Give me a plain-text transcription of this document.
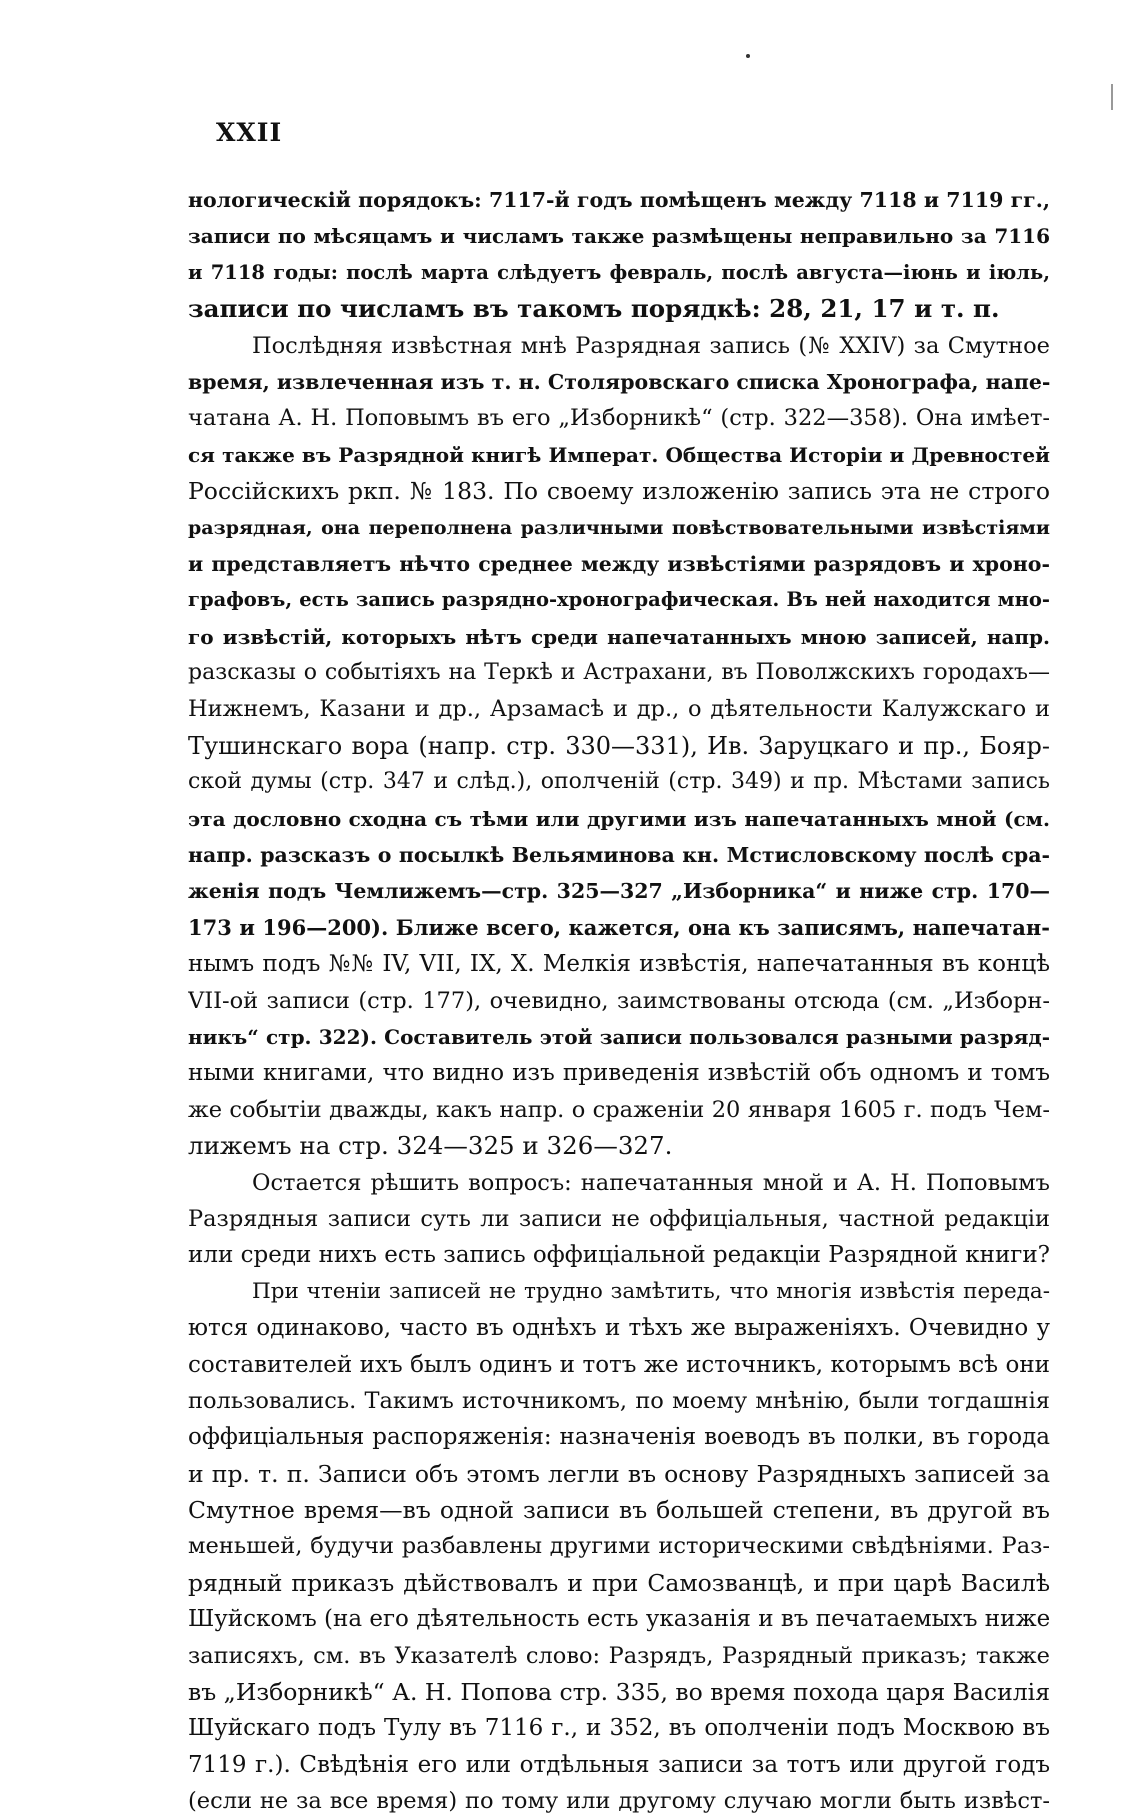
XXII
нологическій порядокъ: 7117-й годъ помѣщенъ между 7118 и 7119 гг.,
записи по мѣсяцамъ и числамъ также размѣщены неправильно за 7116
и 7118 годы: послѣ марта слѣдуетъ февраль, послѣ августа—іюнь и іюль,
записи по числамъ въ такомъ порядкѣ: 28, 21, 17 и т. п.
Послѣдняя извѣстная мнѣ Разрядная запись (№ XXIV) за Смутное
время, извлеченная изъ т. н. Столяровскаго списка Хронографа, напе-
чатана А. Н. Поповымъ въ его „Изборникѣ“ (стр. 322—358). Она имѣет-
ся также въ Разрядной книгѣ Императ. Общества Исторіи и Древностей
Россійскихъ ркп. № 183. По своему изложенію запись эта не строго
разрядная, она переполнена различными повѣствовательными извѣстіями
и представляетъ нѣчто среднее между извѣстіями разрядовъ и хроно-
графовъ, есть запись разрядно-хронографическая. Въ ней находится мно-
го извѣстій, которыхъ нѣтъ среди напечатанныхъ мною записей, напр.
разсказы о событіяхъ на Теркѣ и Астрахани, въ Поволжскихъ городахъ—
Нижнемъ, Казани и др., Арзамасѣ и др., о дѣятельности Калужскаго и
Тушинскаго вора (напр. стр. 330—331), Ив. Заруцкаго и пр., Бояр-
ской думы (стр. 347 и слѣд.), ополченій (стр. 349) и пр. Мѣстами запись
эта дословно сходна съ тѣми или другими изъ напечатанныхъ мной (см.
напр. разсказъ о посылкѣ Вельяминова кн. Мстисловскому послѣ сра-
женія подъ Чемлижемъ—стр. 325—327 „Изборника“ и ниже стр. 170—
173 и 196—200). Ближе всего, кажется, она къ записямъ, напечатан-
нымъ подъ №№ IV, VII, IX, X. Мелкія извѣстія, напечатанныя въ концѣ
VII-ой записи (стр. 177), очевидно, заимствованы отсюда (см. „Изборн-
никъ“ стр. 322). Составитель этой записи пользовался разными разряд-
ными книгами, что видно изъ приведенія извѣстій объ одномъ и томъ
же событіи дважды, какъ напр. о сраженіи 20 января 1605 г. подъ Чем-
лижемъ на стр. 324—325 и 326—327.
Остается рѣшить вопросъ: напечатанныя мной и А. Н. Поповымъ
Разрядныя записи суть ли записи не оффиціальныя, частной редакціи
или среди нихъ есть запись оффиціальной редакціи Разрядной книги?
При чтеніи записей не трудно замѣтить, что многія извѣстія переда-
ются одинаково, часто въ однѣхъ и тѣхъ же выраженіяхъ. Очевидно у
составителей ихъ былъ одинъ и тотъ же источникъ, которымъ всѣ они
пользовались. Такимъ источникомъ, по моему мнѣнію, были тогдашнія
оффиціальныя распоряженія: назначенія воеводъ въ полки, въ города
и пр. т. п. Записи объ этомъ легли въ основу Разрядныхъ записей за
Смутное время—въ одной записи въ большей степени, въ другой въ
меньшей, будучи разбавлены другими историческими свѣдѣніями. Раз-
рядный приказъ дѣйствовалъ и при Самозванцѣ, и при царѣ Василѣ
Шуйскомъ (на его дѣятельность есть указанія и въ печатаемыхъ ниже
записяхъ, см. въ Указателѣ слово: Разрядъ, Разрядный приказъ; также
въ „Изборникѣ“ А. Н. Попова стр. 335, во время похода царя Василія
Шуйскаго подъ Тулу въ 7116 г., и 352, въ ополченіи подъ Москвою въ
7119 г.). Свѣдѣнія его или отдѣльныя записи за тотъ или другой годъ
(если не за все время) по тому или другому случаю могли быть извѣст-
